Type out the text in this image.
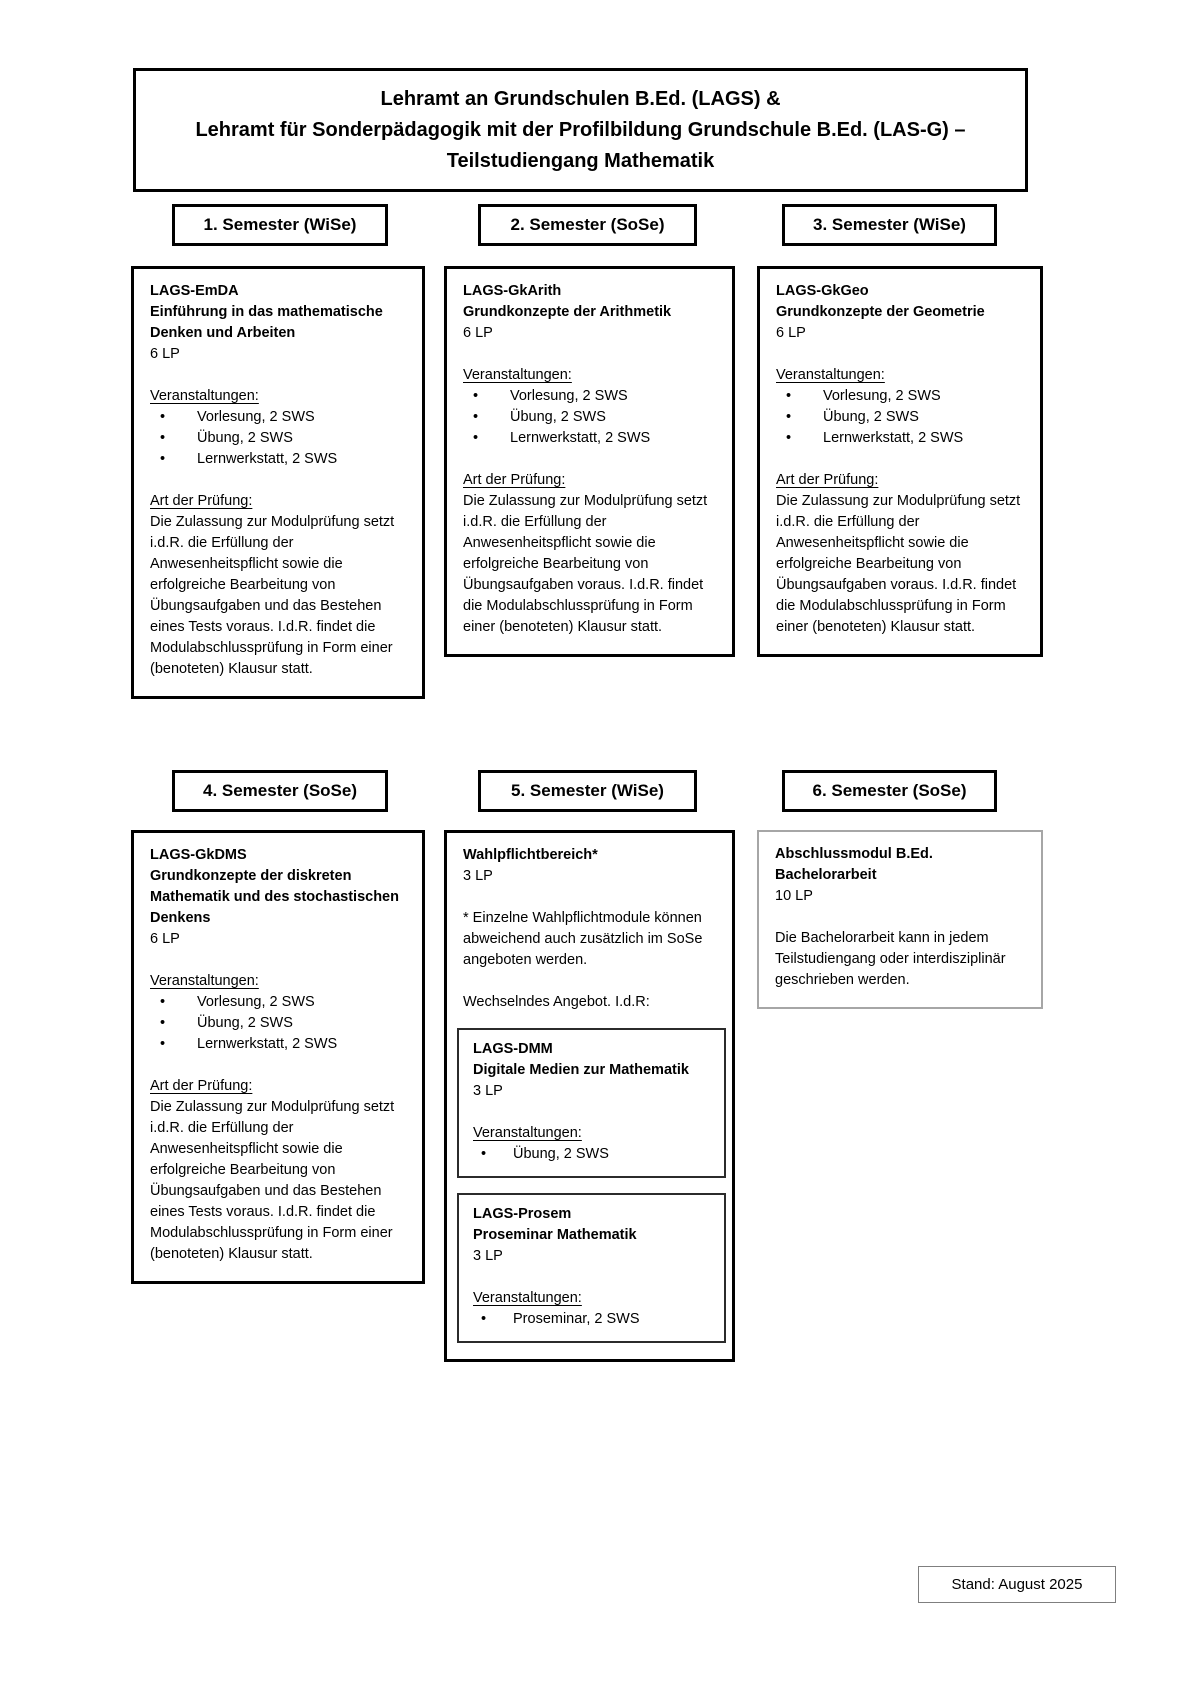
Lehramt an Grundschulen B.Ed. (LAGS) &
Lehramt für Sonderpädagogik mit der Profilbildung Grundschule B.Ed. (LAS-G) –
Teilstudiengang Mathematik
1. Semester (WiSe)	2. Semester (SoSe)	3. Semester (WiSe)
LAGS-EmDA
Einführung in das mathematische Denken und Arbeiten
6 LP
Veranstaltungen:
• Vorlesung, 2 SWS
• Übung, 2 SWS
• Lernwerkstatt, 2 SWS
Art der Prüfung:
Die Zulassung zur Modulprüfung setzt i.d.R. die Erfüllung der Anwesenheitspflicht sowie die erfolgreiche Bearbeitung von Übungsaufgaben und das Bestehen eines Tests voraus. I.d.R. findet die Modulabschlussprüfung in Form einer (benoteten) Klausur statt.
LAGS-GkArith
Grundkonzepte der Arithmetik
6 LP
Veranstaltungen:
• Vorlesung, 2 SWS
• Übung, 2 SWS
• Lernwerkstatt, 2 SWS
Art der Prüfung:
Die Zulassung zur Modulprüfung setzt i.d.R. die Erfüllung der Anwesenheitspflicht sowie die erfolgreiche Bearbeitung von Übungsaufgaben voraus. I.d.R. findet die Modulabschlussprüfung in Form einer (benoteten) Klausur statt.
LAGS-GkGeo
Grundkonzepte der Geometrie
6 LP
Veranstaltungen:
• Vorlesung, 2 SWS
• Übung, 2 SWS
• Lernwerkstatt, 2 SWS
Art der Prüfung:
Die Zulassung zur Modulprüfung setzt i.d.R. die Erfüllung der Anwesenheitspflicht sowie die erfolgreiche Bearbeitung von Übungsaufgaben voraus. I.d.R. findet die Modulabschlussprüfung in Form einer (benoteten) Klausur statt.
4. Semester (SoSe)	5. Semester (WiSe)	6. Semester (SoSe)
LAGS-GkDMS
Grundkonzepte der diskreten Mathematik und des stochastischen Denkens
6 LP
Veranstaltungen:
• Vorlesung, 2 SWS
• Übung, 2 SWS
• Lernwerkstatt, 2 SWS
Art der Prüfung:
Die Zulassung zur Modulprüfung setzt i.d.R. die Erfüllung der Anwesenheitspflicht sowie die erfolgreiche Bearbeitung von Übungsaufgaben und das Bestehen eines Tests voraus. I.d.R. findet die Modulabschlussprüfung in Form einer (benoteten) Klausur statt.
Wahlpflichtbereich*
3 LP
* Einzelne Wahlpflichtmodule können abweichend auch zusätzlich im SoSe angeboten werden.
Wechselndes Angebot. I.d.R:
LAGS-DMM
Digitale Medien zur Mathematik
3 LP
Veranstaltungen:
• Übung, 2 SWS
LAGS-Prosem
Proseminar Mathematik
3 LP
Veranstaltungen:
• Proseminar, 2 SWS
Abschlussmodul B.Ed.
Bachelorarbeit
10 LP
Die Bachelorarbeit kann in jedem Teilstudiengang oder interdisziplinär geschrieben werden.
Stand: August 2025
